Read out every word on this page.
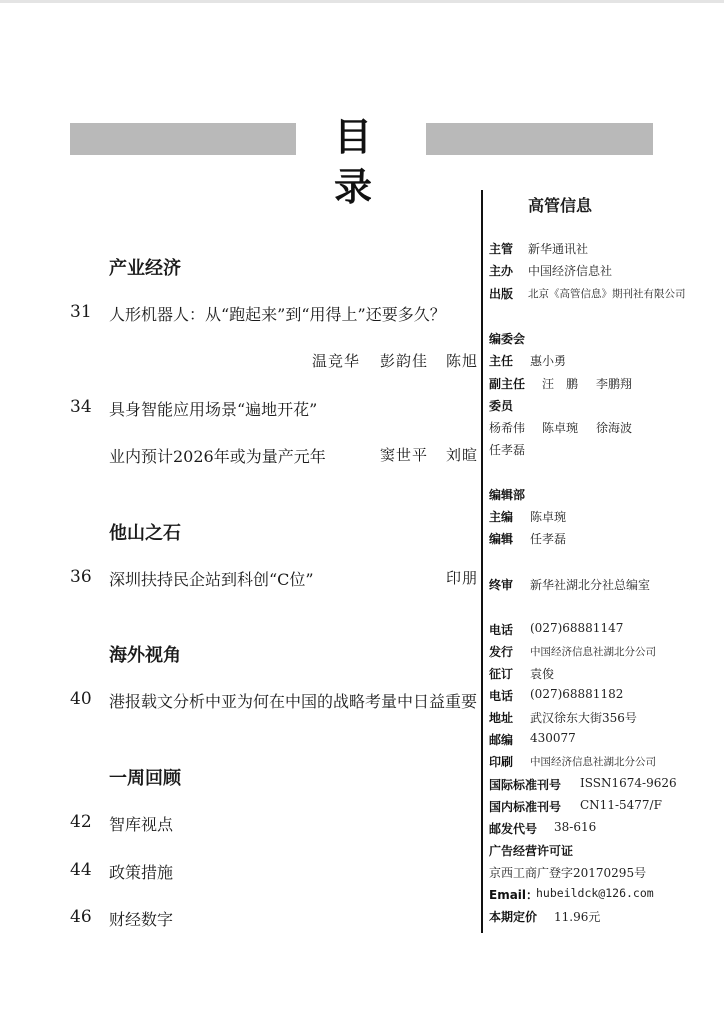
目 录
产业经济
31 人形机器人：从“跑起来”到“用得上”还要多久？
温竞华 彭韵佳 陈旭
34 具身智能应用场景“遍地开花”
业内预计2026年或为量产元年	窦世平 刘暄
他山之石
36 深圳扶持民企站到科创“C位”	印朋
海外视角
40 港报载文分析中亚为何在中国的战略考量中日益重要
一周回顾
42 智库视点
44 政策措施
46 财经数字
高管信息
主管 新华通讯社
主办 中国经济信息社
出版 北京《高管信息》期刊社有限公司
编委会
主任 惠小勇
副主任 汪　鹏 李鹏翔
委员
杨希伟 陈卓琬 徐海波
任孝磊
编辑部
主编 陈卓琬
编辑 任孝磊
终审 新华社湖北分社总编室
电话 (027)68881147
发行 中国经济信息社湖北分公司
征订 袁俊
电话 (027)68881182
地址 武汉徐东大街356号
邮编 430077
印刷 中国经济信息社湖北分公司
国际标准刊号 ISSN1674-9626
国内标准刊号 CN11-5477/F
邮发代号 38-616
广告经营许可证
京西工商广登字20170295号
Email：
hubeildck@126.com
本期定价 11.96元
